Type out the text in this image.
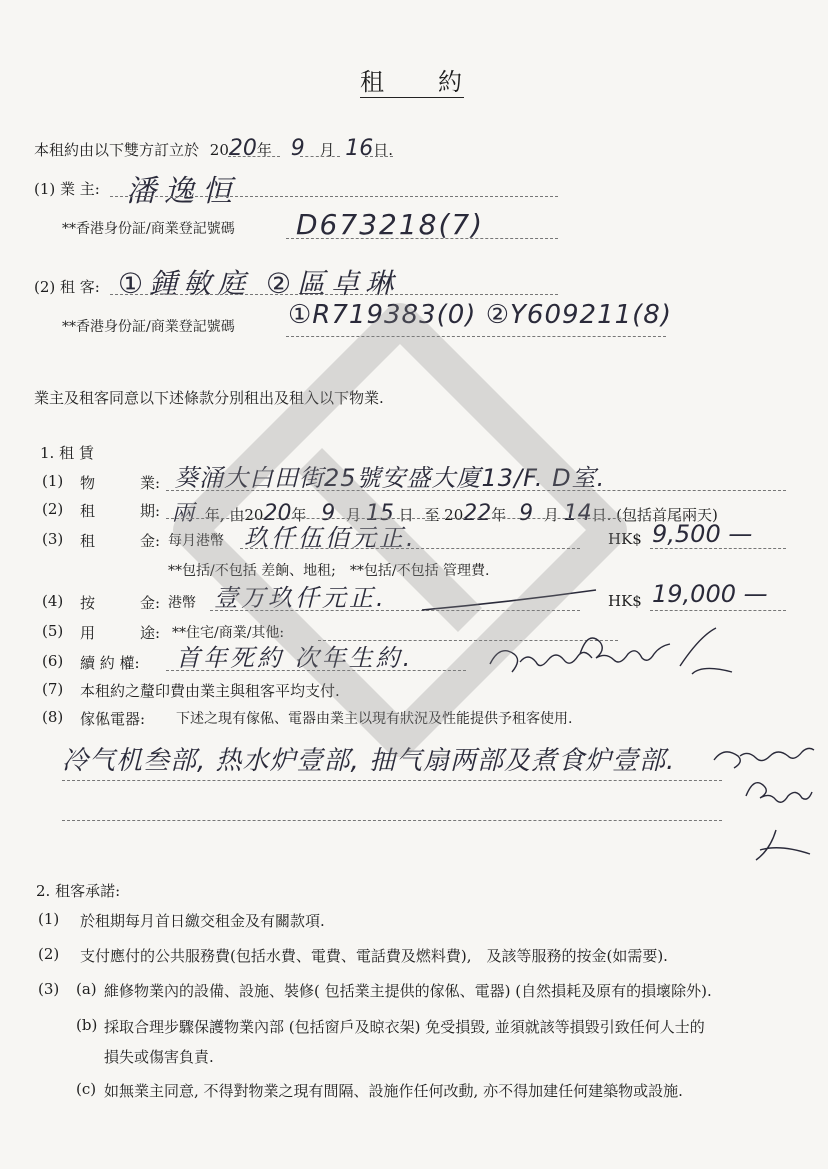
租　　約
本租約由以下雙方訂立於 2020年 9 月 16日.
(1) 業 主: 潘逸恒
**香港身份証/商業登記號碼 D673218(7)
(2) 租 客: ①鍾敏庭 ②區卓琳
**香港身份証/商業登記號碼 ①R719383(0) ②Y609211(8)
業主及租客同意以下述條款分別租出及租入以下物業.
1. 租 賃
(1) 物　　　業: 葵涌大白田街25號安盛大廈13/F. D室.
(2) 租　　　期: 兩 年, 由2020年 9 月 15 日 至 2022年 9 月 14日. (包括首尾兩天)
(3) 租　　　金: 每月港幣 玖仟伍佰元正.	HK$ 9,500 —
**包括/不包括 差餉、地租;　**包括/不包括 管理費.
(4) 按　　　金: 港幣 壹万玖仟元正.	HK$ 19,000 —
(5) 用　　　途: **住宅/商業/其他:
(6) 續 約 權: 首年死約 次年生約.
(7) 本租約之釐印費由業主與租客平均支付.
(8) 傢俬電器: 下述之現有傢俬、電器由業主以現有狀況及性能提供予租客使用.
冷气机叁部, 热水炉壹部, 抽气扇两部及煮食炉壹部.
2. 租客承諾:
(1) 於租期每月首日繳交租金及有關款項.
(2) 支付應付的公共服務費(包括水費、電費、電話費及燃料費),　及該等服務的按金(如需要).
(3) (a) 維修物業內的設備、設施、裝修( 包括業主提供的傢俬、電器) (自然損耗及原有的損壞除外).
(b) 採取合理步驟保護物業內部 (包括窗戶及晾衣架) 免受損毀, 並須就該等損毀引致任何人士的
損失或傷害負責.
(c) 如無業主同意, 不得對物業之現有間隔、設施作任何改動, 亦不得加建任何建築物或設施.
